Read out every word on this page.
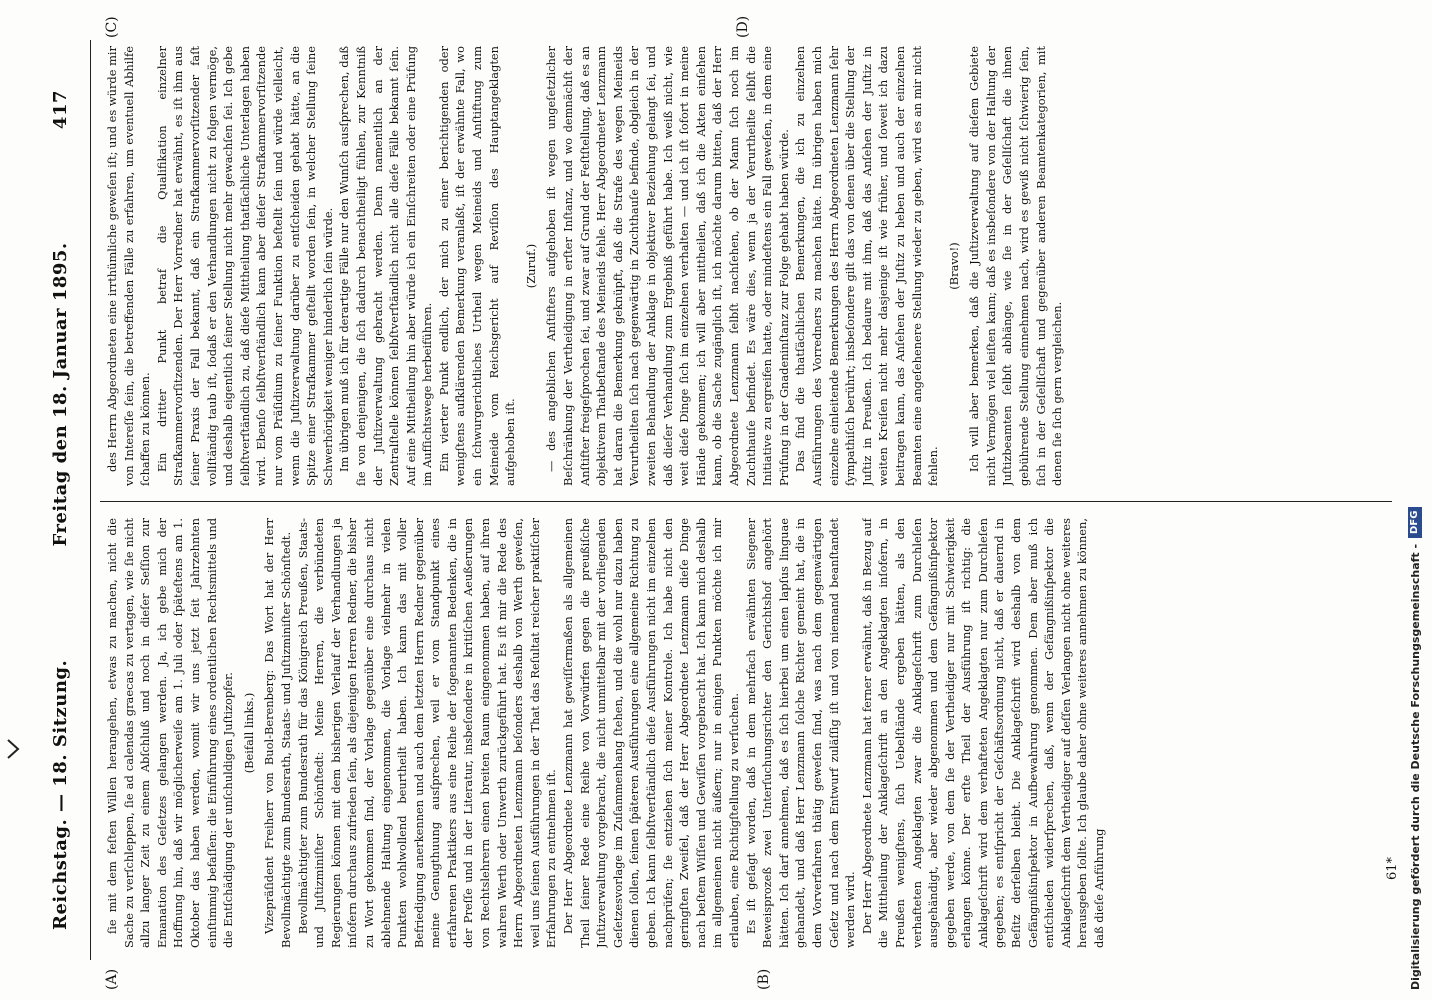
Reichstag. — 18. Sitzung.
Freitag den 18. Januar 1895.
417

ſie mit dem feſten Willen herangehen, etwas zu machen, nicht die Sache zu verſchleppen, ſie ad calendas graecas zu vertagen, wie ſie nicht allzu langer Zeit zu einem Abſchluß und noch in dieſer Seſſion zur Emanation des Geſetzes gelangen werden. Ja, ich gebe mich der Hoffnung hin, daß wir möglicherweiſe am 1. Juli oder ſpäteſtens am 1. Oktober das haben werden, womit wir uns jetzt ſeit Jahrzehnten einſtimmig befaſſen: die Einführung eines ordentlichen Rechtsmittels und die Entſchädigung der unſchuldigen Juſtizopfer. (Beifall links.) Vizepräſident Freiherr von Buol-Berenberg: Das Wort hat der Herr Bevollmächtigte zum Bundesrath, Staats- und Juſtizminiſter Schönſtedt. Bevollmächtigter zum Bundesrath für das Königreich Preußen, Staats- und Juſtizminiſter Schönſtedt: Meine Herren, die verbündeten Regierungen können mit dem bisherigen Verlauf der Verhandlungen ja inſofern durchaus zufrieden ſein, als diejenigen Herren Redner, die bisher zu Wort gekommen ſind, der Vorlage gegenüber eine durchaus nicht ablehnende Haltung eingenommen, die Vorlage vielmehr in vielen Punkten wohlwollend beurtheilt haben. Ich kann das mit voller Befriedigung anerkennen und auch dem letzten Herrn Redner gegenüber meine Genugthuung ausſprechen, weil er vom Standpunkt eines erfahrenen Praktikers aus eine Reihe der ſogenannten Bedenken, die in der Preſſe und in der Literatur, insbeſondere in kritiſchen Aeußerungen von Rechtslehrern einen breiten Raum eingenommen haben, auf ihren wahren Werth oder Unwerth zurückgeführt hat. Es iſt mir die Rede des Herrn Abgeordneten Lenzmann beſonders deshalb von Werth geweſen, weil uns ſeinen Ausführungen in der That das Reſultat reicher praktiſcher Erfahrungen zu entnehmen iſt. Der Herr Abgeordnete Lenzmann hat gewiſſermaßen als allgemeinen Theil ſeiner Rede eine Reihe von Vorwürfen gegen die preußiſche Juſtizverwaltung vorgebracht, die nicht unmittelbar mit der vorliegenden Geſetzesvorlage im Zuſammenhang ſtehen, und die wohl nur dazu haben dienen ſollen, ſeinen ſpäteren Ausführungen eine allgemeine Richtung zu geben. Ich kann ſelbſtverſtändlich dieſe Ausführungen nicht im einzelnen nachprüfen; ſie entziehen ſich meiner Kontrole. Ich habe nicht den geringſten Zweifel, daß der Herr Abgeordnete Lenzmann dieſe Dinge nach beſtem Wiſſen und Gewiſſen vorgebracht hat. Ich kann mich deshalb im allgemeinen nicht äußern; nur in einigen Punkten möchte ich mir erlauben, eine Richtigſtellung zu verſuchen. Es iſt geſagt worden, daß in dem mehrfach erwähnten Siegener Beweisprozeß zwei Unterſuchungsrichter den Gerichtshof angehört hätten. Ich darf annehmen, daß es ſich hierbei um einen lapſus linguae gehandelt, und daß Herr Lenzmann ſolche Richter gemeint hat, die in dem Vorverfahren thätig geweſen ſind, was nach dem gegenwärtigen Geſetz und nach dem Entwurf zuläſſig iſt und von niemand beanſtandet werden wird. Der Herr Abgeordnete Lenzmann hat ferner erwähnt, daß in Bezug auf die Mittheilung der Anklageſchrift an den Angeklagten inſofern, in Preußen wenigſtens, ſich Uebelſtände ergeben hätten, als den verhafteten Angeklagten zwar die Anklageſchrift zum Durchleſen ausgehändigt, aber wieder abgenommen und dem Gefängnißinſpektor gegeben werde, von dem ſie der Vertheidiger nur mit Schwierigkeit erlangen könne. Der erſte Theil der Ausführung iſt richtig: die Anklageſchrift wird dem verhafteten Angeklagten nur zum Durchleſen gegeben; es entſpricht der Geſchäftsordnung nicht, daß er dauernd in Beſitz derſelben bleibt. Die Anklageſchrift wird deshalb von dem Gefängnißinſpektor in Aufbewahrung genommen. Dem aber muß ich entſchieden widerſprechen, daß, wenn der Gefängnißinſpektor die Anklageſchrift dem Vertheidiger auf deſſen Verlangen nicht ohne weiteres herausgeben ſollte. Ich glaube daher ohne weiteres annehmen zu können, daß dieſe Anführung

des Herrn Abgeordneten eine irrthümliche geweſen iſt; und es würde mir von Intereſſe ſein, die betreffenden Fälle zu erfahren, um eventuell Abhilfe ſchaffen zu können. Ein dritter Punkt betraf die Qualifikation einzelner Strafkammervorſitzenden. Der Herr Vorredner hat erwähnt, es iſt ihm aus ſeiner Praxis der Fall bekannt, daß ein Strafkammervorſitzender faſt vollſtändig taub iſt, ſodaß er den Verhandlungen nicht zu folgen vermöge, und deshalb eigentlich ſeiner Stellung nicht mehr gewachſen ſei. Ich gebe ſelbſtverſtändlich zu, daß dieſe Mittheilung thatſächliche Unterlagen haben wird. Ebenſo ſelbſtverſtändlich kann aber dieſer Strafkammervorſitzende nur vom Präſidium zu ſeiner Funktion beſtellt ſein und würde vielleicht, wenn die Juſtizverwaltung darüber zu entſcheiden gehabt hätte, an die Spitze einer Strafkammer geſtellt worden ſein, in welcher Stellung ſeine Schwerhörigkeit weniger hinderlich ſein würde. Im übrigen muß ich für derartige Fälle nur den Wunſch ausſprechen, daß ſie von denjenigen, die ſich dadurch benachtheiligt fühlen, zur Kenntniß der Juſtizverwaltung gebracht werden. Denn namentlich an der Zentralſtelle können ſelbſtverſtändlich nicht alle dieſe Fälle bekannt ſein. Auf eine Mittheilung hin aber würde ich ein Einſchreiten oder eine Prüfung im Aufſichtswege herbeiführen. Ein vierter Punkt endlich, der mich zu einer berichtigenden oder wenigſtens aufklärenden Bemerkung veranlaßt, iſt der erwähnte Fall, wo ein ſchwurgerichtliches Urtheil wegen Meineids und Anſtiftung zum Meineide vom Reichsgericht auf Reviſion des Hauptangeklagten aufgehoben iſt.

(Zuruf.) — des angeblichen Anſtifters aufgehoben iſt wegen ungeſetzlicher Beſchränkung der Vertheidigung in erſter Inſtanz, und wo demnächſt der Anſtifter freigeſprochen ſei, und zwar auf Grund der Feſtſtellung, daß es an objektivem Thatbeſtande des Meineids fehle. Herr Abgeordneter Lenzmann hat daran die Bemerkung geknüpft, daß die Strafe des wegen Meineids Verurtheilten ſich nach gegenwärtig in Zuchthauſe befinde, obgleich in der zweiten Behandlung der Anklage in objektiver Beziehung gelangt ſei, und daß dieſer Verhandlung zum Ergebniß geführt habe. Ich weiß nicht, wie weit dieſe Dinge ſich im einzelnen verhalten — und ich iſt ſofort in meine Hände gekommen; ich will aber mittheilen, daß ich die Akten einſehen kann, ob die Sache zugänglich iſt, ich möchte darum bitten, daß der Herr Abgeordnete Lenzmann ſelbſt nachſehen, ob der Mann ſich noch im Zuchthauſe befindet. Es wäre dies, wenn ja der Verurtheilte ſelbſt die Initiative zu ergreifen hatte, oder mindeſtens ein Fall geweſen, in dem eine Prüfung in der Gnadeninſtanz zur Folge gehabt haben würde. Das ſind die thatſächlichen Bemerkungen, die ich zu einzelnen Ausführungen des Vorredners zu machen hätte. Im übrigen haben mich einzelne einleitende Bemerkungen des Herrn Abgeordneten Lenzmann ſehr ſympathiſch berührt; insbeſondere gilt das von denen über die Stellung der Juſtiz in Preußen. Ich bedaure mit ihm, daß das Anſehen der Juſtiz in weiten Kreiſen nicht mehr dasjenige iſt wie früher, und ſoweit ich dazu beitragen kann, das Anſehen der Juſtiz zu heben und auch der einzelnen Beamten eine angeſehenere Stellung wieder zu geben, wird es an mir nicht fehlen.

(Bravo!) Ich will aber bemerken, daß die Juſtizverwaltung auf dieſem Gebiete nicht Vermögen viel leiſten kann; daß es insbeſondere von der Haltung der Juſtizbeamten ſelbſt abhänge, wie ſie in der Geſellſchaft die ihnen gebührende Stellung einnehmen nach, wird es gewiß nicht ſchwierig ſein, ſich in der Geſellſchaft und gegenüber anderen Beamtenkategorien, mit denen ſie ſich gern vergleichen.

(A)	(B)
(C)	(D)
61* Digitalisierung gefördert durch die Deutsche Forschungsgemeinschaft -
DFG
